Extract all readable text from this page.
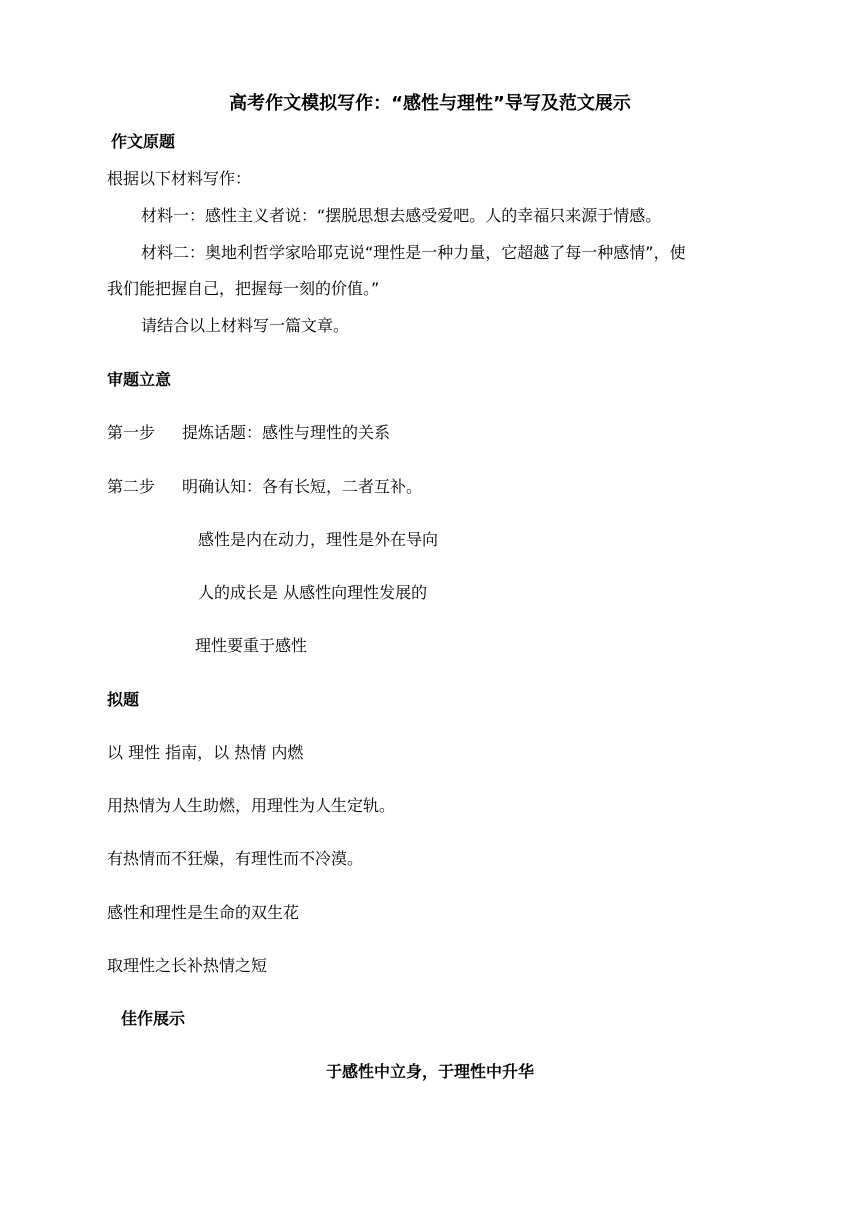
高考作文模拟写作：“感性与理性”导写及范文展示
作文原题
根据以下材料写作：
材料一：感性主义者说：“摆脱思想去感受爱吧。人的幸福只来源于情感。
材料二：奥地利哲学家哈耶克说“理性是一种力量，它超越了每一种感情”，使
我们能把握自己，把握每一刻的价值。”
请结合以上材料写一篇文章。
审题立意
第一步 提炼话题：感性与理性的关系
第二步 明确认知：各有长短，二者互补。
感性是内在动力，理性是外在导向
人的成长是 从感性向理性发展的
理性要重于感性
拟题
以 理性 指南，以 热情 内燃
用热情为人生助燃，用理性为人生定轨。
有热情而不狂燥，有理性而不冷漠。
感性和理性是生命的双生花
取理性之长补热情之短
佳作展示
于感性中立身，于理性中升华
